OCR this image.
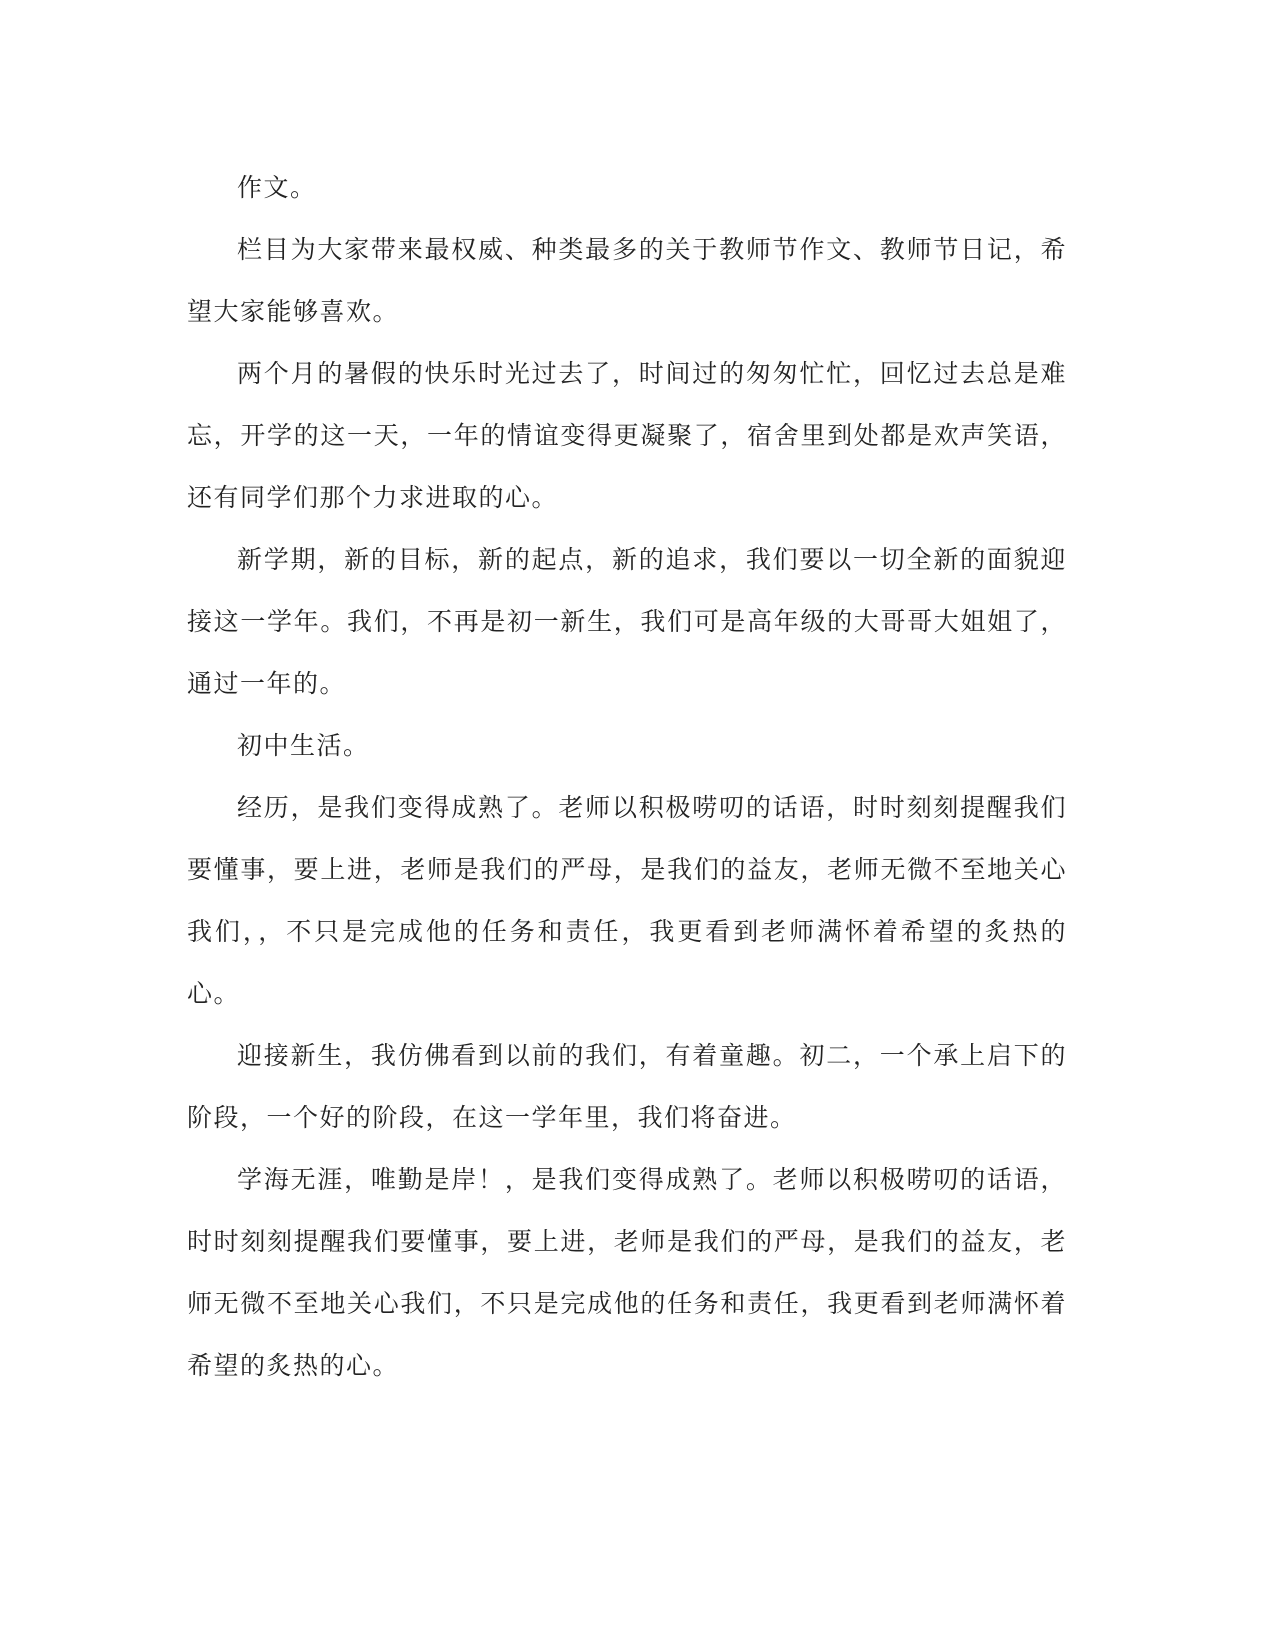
作文。

栏目为大家带来最权威、种类最多的关于教师节作文、教师节日记，希望大家能够喜欢。

两个月的暑假的快乐时光过去了，时间过的匆匆忙忙，回忆过去总是难忘，开学的这一天，一年的情谊变得更凝聚了，宿舍里到处都是欢声笑语，还有同学们那个力求进取的心。

新学期，新的目标，新的起点，新的追求，我们要以一切全新的面貌迎接这一学年。我们，不再是初一新生，我们可是高年级的大哥哥大姐姐了，通过一年的。

初中生活。

经历，是我们变得成熟了。老师以积极唠叨的话语，时时刻刻提醒我们要懂事，要上进，老师是我们的严母，是我们的益友，老师无微不至地关心我们，，不只是完成他的任务和责任，我更看到老师满怀着希望的炙热的心。

迎接新生，我仿佛看到以前的我们，有着童趣。初二，一个承上启下的阶段，一个好的阶段，在这一学年里，我们将奋进。

学海无涯，唯勤是岸！，是我们变得成熟了。老师以积极唠叨的话语，时时刻刻提醒我们要懂事，要上进，老师是我们的严母，是我们的益友，老师无微不至地关心我们，不只是完成他的任务和责任，我更看到老师满怀着希望的炙热的心。
